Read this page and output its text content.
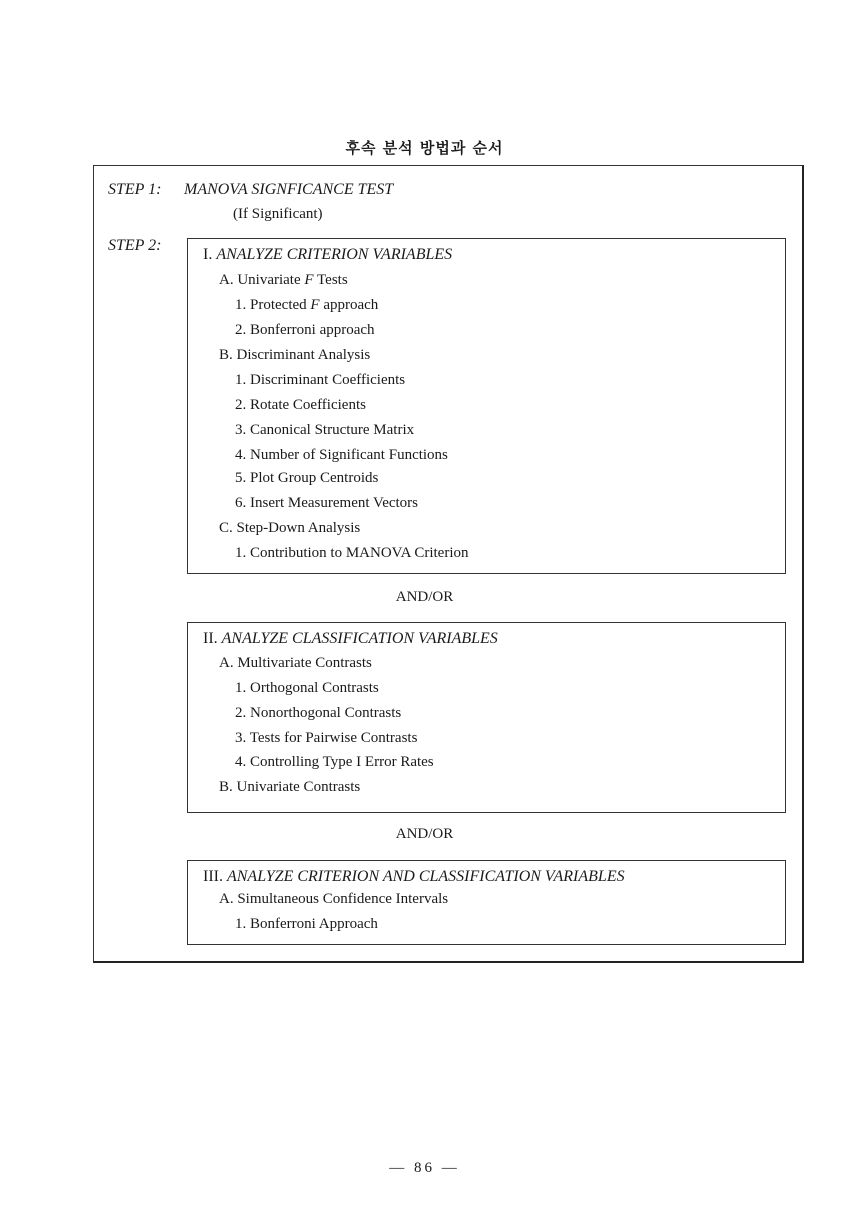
후속 분석 방법과 순서
STEP 1: MANOVA SIGNFICANCE TEST
(If Significant)
STEP 2:
I. ANALYZE CRITERION VARIABLES
A. Univariate F Tests
1. Protected F approach
2. Bonferroni approach
B. Discriminant Analysis
1. Discriminant Coefficients
2. Rotate Coefficients
3. Canonical Structure Matrix
4. Number of Significant Functions
5. Plot Group Centroids
6. Insert Measurement Vectors
C. Step-Down Analysis
1. Contribution to MANOVA Criterion
AND/OR
II. ANALYZE CLASSIFICATION VARIABLES
A. Multivariate Contrasts
1. Orthogonal Contrasts
2. Nonorthogonal Contrasts
3. Tests for Pairwise Contrasts
4. Controlling Type I Error Rates
B. Univariate Contrasts
AND/OR
III. ANALYZE CRITERION AND CLASSIFICATION VARIABLES
A. Simultaneous Confidence Intervals
1. Bonferroni Approach
— 86 —
